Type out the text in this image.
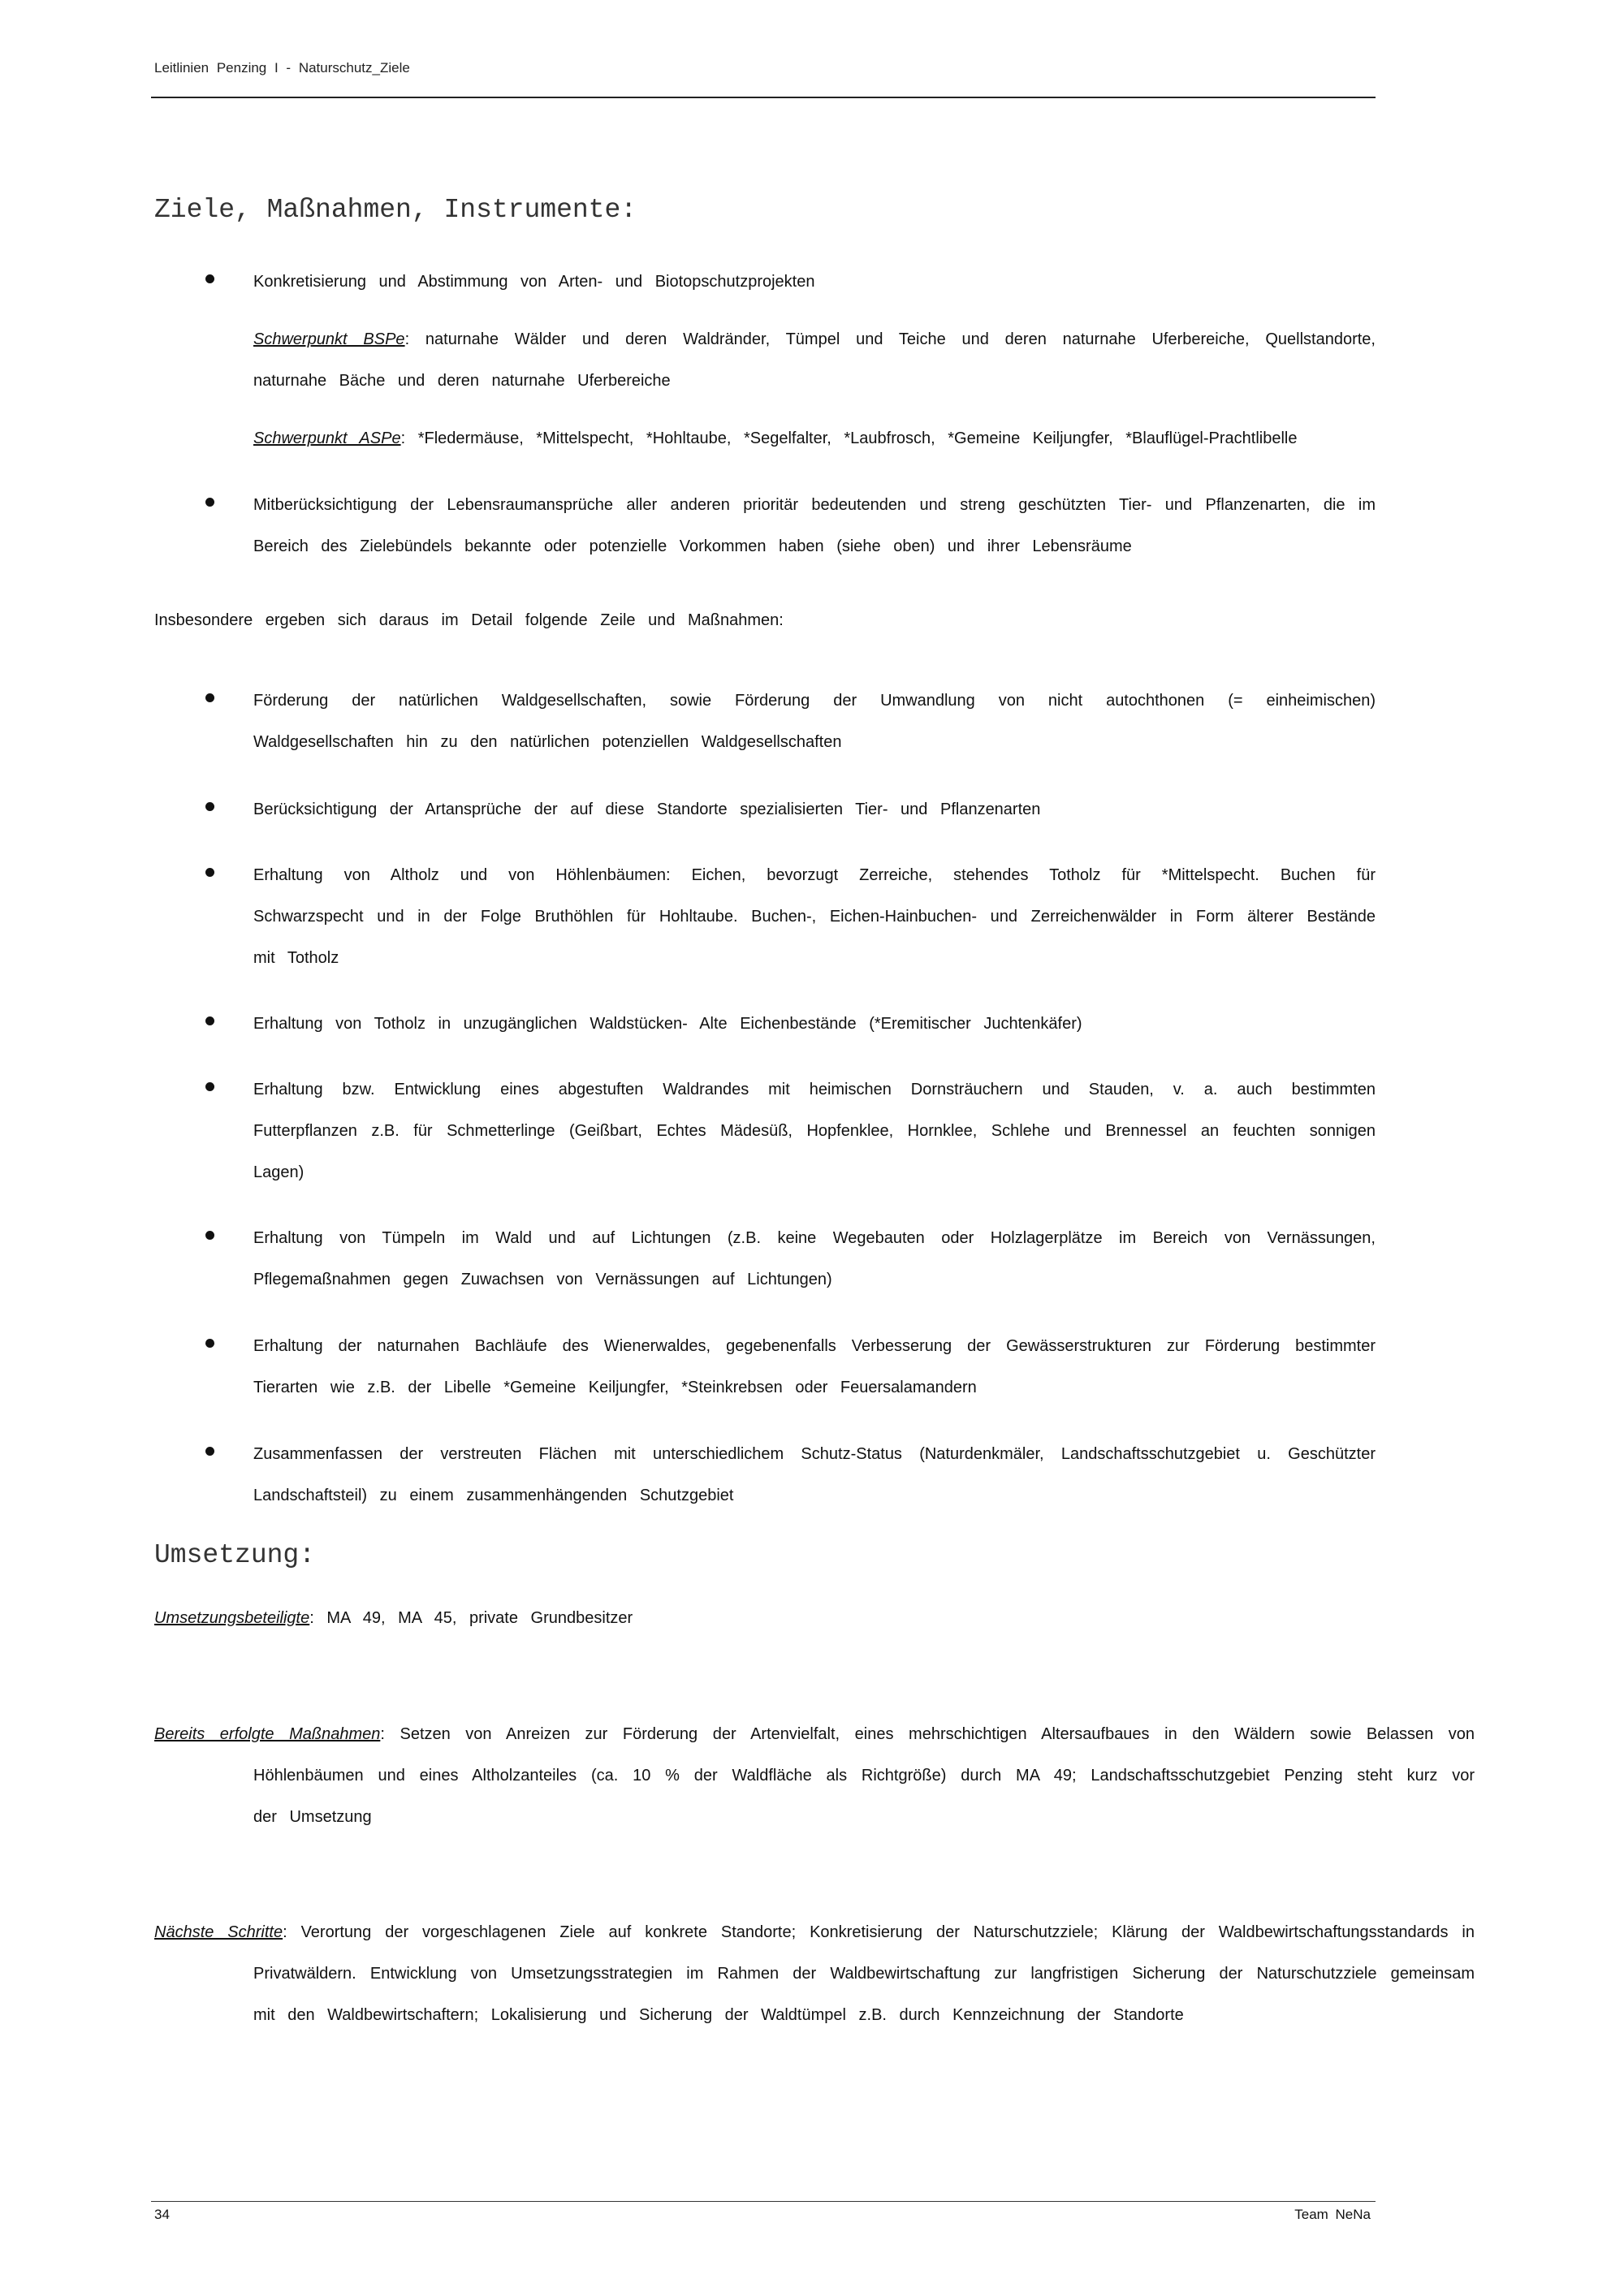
Leitlinien Penzing I - Naturschutz_Ziele
Ziele, Maßnahmen, Instrumente:
Konkretisierung und Abstimmung von Arten- und Biotopschutzprojekten
Schwerpunkt BSPe: naturnahe Wälder und deren Waldränder, Tümpel und Teiche und deren naturnahe Uferbereiche, Quellstandorte, naturnahe Bäche und deren naturnahe Uferbereiche
Schwerpunkt ASPe: *Fledermäuse, *Mittelspecht, *Hohltaube, *Segelfalter, *Laubfrosch, *Gemeine Keiljungfer, *Blauflügel-Prachtlibelle
Mitberücksichtigung der Lebensraumansprüche aller anderen prioritär bedeutenden und streng geschützten Tier- und Pflanzenarten, die im Bereich des Zielebündels bekannte oder potenzielle Vorkommen haben (siehe oben) und ihrer Lebensräume
Insbesondere ergeben sich daraus im Detail folgende Zeile und Maßnahmen:
Förderung der natürlichen Waldgesellschaften, sowie Förderung der Umwandlung von nicht autochthonen (= einheimischen) Waldgesellschaften hin zu den natürlichen potenziellen Waldgesellschaften
Berücksichtigung der Artansprüche der auf diese Standorte spezialisierten Tier- und Pflanzenarten
Erhaltung von Altholz und von Höhlenbäumen: Eichen, bevorzugt Zerreiche, stehendes Totholz für *Mittelspecht. Buchen für Schwarzspecht und in der Folge Bruthöhlen für Hohltaube. Buchen-, Eichen-Hainbuchen- und Zerreichenwälder in Form älterer Bestände mit Totholz
Erhaltung von Totholz in unzugänglichen Waldstücken- Alte Eichenbestände (*Eremitischer Juchtenkäfer)
Erhaltung bzw. Entwicklung eines abgestuften Waldrandes mit heimischen Dornsträuchern und Stauden, v. a. auch bestimmten Futterpflanzen z.B. für Schmetterlinge (Geißbart, Echtes Mädesüß, Hopfenklee, Hornklee, Schlehe und Brennessel an feuchten sonnigen Lagen)
Erhaltung von Tümpeln im Wald und auf Lichtungen (z.B. keine Wegebauten oder Holzlagerplätze im Bereich von Vernässungen, Pflegemaßnahmen gegen Zuwachsen von Vernässungen auf Lichtungen)
Erhaltung der naturnahen Bachläufe des Wienerwaldes, gegebenenfalls Verbesserung der Gewässerstrukturen zur Förderung bestimmter Tierarten wie z.B. der Libelle *Gemeine Keiljungfer, *Steinkrebsen oder Feuersalamandern
Zusammenfassen der verstreuten Flächen mit unterschiedlichem Schutz-Status (Naturdenkmäler, Landschaftsschutzgebiet u. Geschützter Landschaftsteil) zu einem zusammenhängenden Schutzgebiet
Umsetzung:
Umsetzungsbeteiligte: MA 49, MA 45, private Grundbesitzer
Bereits erfolgte Maßnahmen: Setzen von Anreizen zur Förderung der Artenvielfalt, eines mehrschichtigen Altersaufbaues in den Wäldern sowie Belassen von Höhlenbäumen und eines Altholzanteiles (ca. 10 % der Waldfläche als Richtgröße) durch MA 49; Landschaftsschutzgebiet Penzing steht kurz vor der Umsetzung
Nächste Schritte: Verortung der vorgeschlagenen Ziele auf konkrete Standorte; Konkretisierung der Naturschutzziele; Klärung der Waldbewirtschaftungsstandards in Privatwäldern. Entwicklung von Umsetzungsstrategien im Rahmen der Waldbewirtschaftung zur langfristigen Sicherung der Naturschutzziele gemeinsam mit den Waldbewirtschaftern; Lokalisierung und Sicherung der Waldtümpel z.B. durch Kennzeichnung der Standorte
34	Team NeNa
